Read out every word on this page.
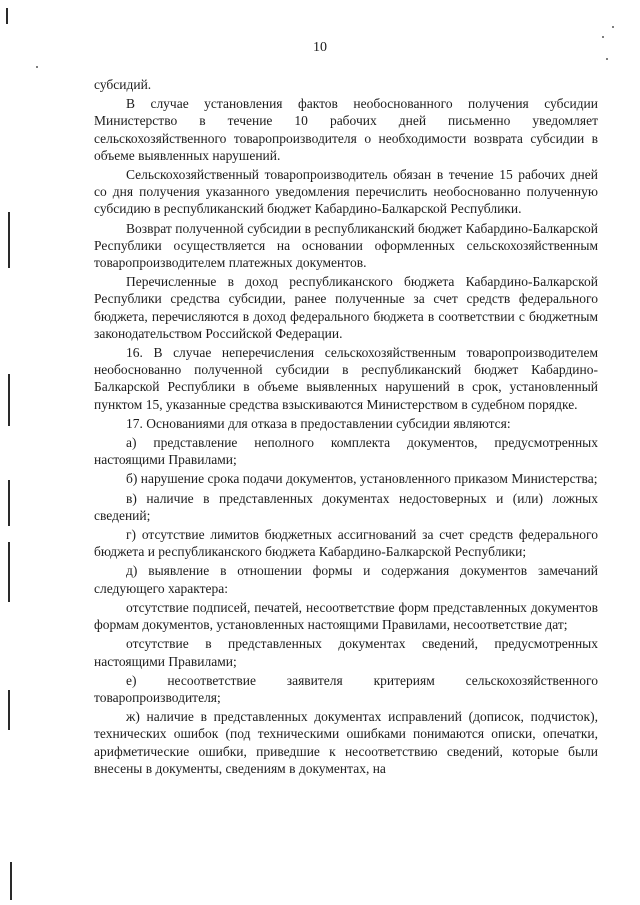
10

субсидий.

В случае установления фактов необоснованного получения субсидии Министерство в течение 10 рабочих дней письменно уведомляет сельскохозяйственного товаропроизводителя о необходимости возврата субсидии в объеме выявленных нарушений.

Сельскохозяйственный товаропроизводитель обязан в течение 15 рабочих дней со дня получения указанного уведомления перечислить необоснованно полученную субсидию в республиканский бюджет Кабардино-Балкарской Республики.

Возврат полученной субсидии в республиканский бюджет Кабардино-Балкарской Республики осуществляется на основании оформленных сельскохозяйственным товаропроизводителем платежных документов.

Перечисленные в доход республиканского бюджета Кабардино-Балкарской Республики средства субсидии, ранее полученные за счет средств федерального бюджета, перечисляются в доход федерального бюджета в соответствии с бюджетным законодательством Российской Федерации.

16. В случае неперечисления сельскохозяйственным товаропроизводителем необоснованно полученной субсидии в республиканский бюджет Кабардино-Балкарской Республики в объеме выявленных нарушений в срок, установленный пунктом 15, указанные средства взыскиваются Министерством в судебном порядке.

17. Основаниями для отказа в предоставлении субсидии являются:

а) представление неполного комплекта документов, предусмотренных настоящими Правилами;

б) нарушение срока подачи документов, установленного приказом Министерства;

в) наличие в представленных документах недостоверных и (или) ложных сведений;

г) отсутствие лимитов бюджетных ассигнований за счет средств федерального бюджета и республиканского бюджета Кабардино-Балкарской Республики;

д) выявление в отношении формы и содержания документов замечаний следующего характера:

отсутствие подписей, печатей, несоответствие форм представленных документов формам документов, установленных настоящими Правилами, несоответствие дат;

отсутствие в представленных документах сведений, предусмотренных настоящими Правилами;

е) несоответствие заявителя критериям сельскохозяйственного товаропроизводителя;

ж) наличие в представленных документах исправлений (дописок, подчисток), технических ошибок (под техническими ошибками понимаются описки, опечатки, арифметические ошибки, приведшие к несоответствию сведений, которые были внесены в документы, сведениям в документах, на
